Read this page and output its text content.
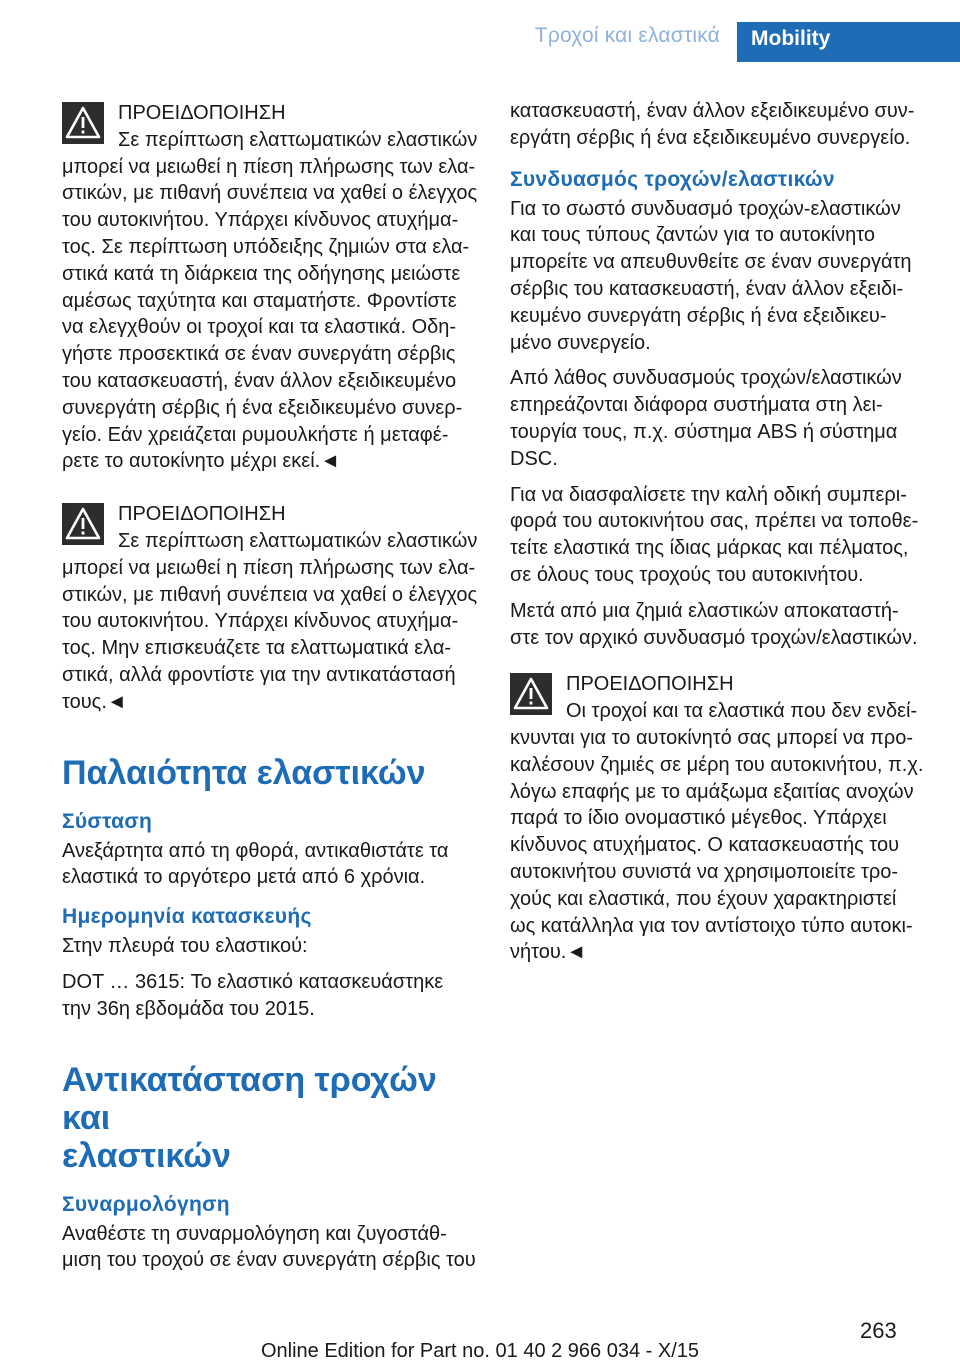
Τροχοί και ελαστικά	Mobility

ΠΡΟΕΙΔΟΠΟΙΗΣΗ

Σε περίπτωση ελαττωματικών ελαστικών

μπορεί να μειωθεί η πίεση πλήρωσης των ελα-

στικών, με πιθανή συνέπεια να χαθεί ο έλεγχος

του αυτοκινήτου. Υπάρχει κίνδυνος ατυχήμα-

τος. Σε περίπτωση υπόδειξης ζημιών στα ελα-

στικά κατά τη διάρκεια της οδήγησης μειώστε

αμέσως ταχύτητα και σταματήστε. Φροντίστε

να ελεγχθούν οι τροχοί και τα ελαστικά. Οδη-

γήστε προσεκτικά σε έναν συνεργάτη σέρβις

του κατασκευαστή, έναν άλλον εξειδικευμένο

συνεργάτη σέρβις ή ένα εξειδικευμένο συνερ-

γείο. Εάν χρειάζεται ρυμουλκήστε ή μεταφέ-

ρετε το αυτοκίνητο μέχρι εκεί.◄

ΠΡΟΕΙΔΟΠΟΙΗΣΗ

Σε περίπτωση ελαττωματικών ελαστικών

μπορεί να μειωθεί η πίεση πλήρωσης των ελα-

στικών, με πιθανή συνέπεια να χαθεί ο έλεγχος

του αυτοκινήτου. Υπάρχει κίνδυνος ατυχήμα-

τος. Μην επισκευάζετε τα ελαττωματικά ελα-

στικά, αλλά φροντίστε για την αντικατάστασή

τους.◄

Παλαιότητα ελαστικών
Σύσταση

Ανεξάρτητα από τη φθορά, αντικαθιστάτε τα

ελαστικά το αργότερο μετά από 6 χρόνια.

Ημερομηνία κατασκευής

Στην πλευρά του ελαστικού:

DOT … 3615: Το ελαστικό κατασκευάστηκε

την 36η εβδομάδα του 2015.

Αντικατάσταση τροχών και
ελαστικών
Συναρμολόγηση

Αναθέστε τη συναρμολόγηση και ζυγοστάθ-

μιση του τροχού σε έναν συνεργάτη σέρβις του

κατασκευαστή, έναν άλλον εξειδικευμένο συν-

εργάτη σέρβις ή ένα εξειδικευμένο συνεργείο.

Συνδυασμός τροχών/ελαστικών

Για το σωστό συνδυασμό τροχών-ελαστικών

και τους τύπους ζαντών για το αυτοκίνητο

μπορείτε να απευθυνθείτε σε έναν συνεργάτη

σέρβις του κατασκευαστή, έναν άλλον εξειδι-

κευμένο συνεργάτη σέρβις ή ένα εξειδικευ-

μένο συνεργείο.

Από λάθος συνδυασμούς τροχών/ελαστικών

επηρεάζονται διάφορα συστήματα στη λει-

τουργία τους, π.χ. σύστημα ABS ή σύστημα

DSC.

Για να διασφαλίσετε την καλή οδική συμπερι-

φορά του αυτοκινήτου σας, πρέπει να τοποθε-

τείτε ελαστικά της ίδιας μάρκας και πέλματος,

σε όλους τους τροχούς του αυτοκινήτου.

Μετά από μια ζημιά ελαστικών αποκαταστή-

στε τον αρχικό συνδυασμό τροχών/ελαστικών.

ΠΡΟΕΙΔΟΠΟΙΗΣΗ

Οι τροχοί και τα ελαστικά που δεν ενδεί-

κνυνται για το αυτοκίνητό σας μπορεί να προ-

καλέσουν ζημιές σε μέρη του αυτοκινήτου, π.χ.

λόγω επαφής με το αμάξωμα εξαιτίας ανοχών

παρά το ίδιο ονομαστικό μέγεθος. Υπάρχει

κίνδυνος ατυχήματος. Ο κατασκευαστής του

αυτοκινήτου συνιστά να χρησιμοποιείτε τρο-

χούς και ελαστικά, που έχουν χαρακτηριστεί

ως κατάλληλα για τον αντίστοιχο τύπο αυτοκι-

νήτου.◄

263
Online Edition for Part no. 01 40 2 966 034 - X/15
